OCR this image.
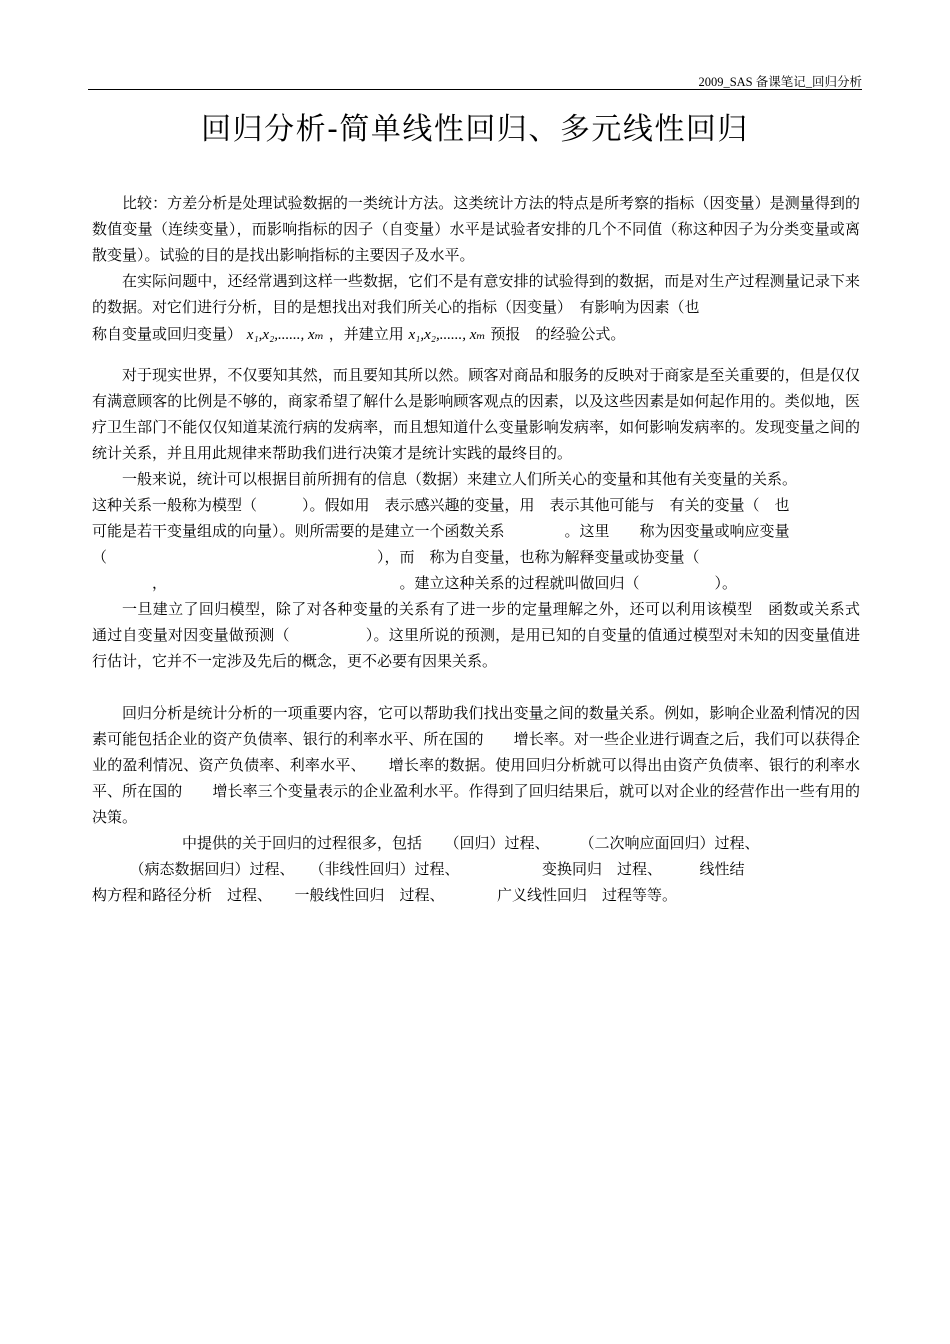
2009_SAS 备课笔记_回归分析
回归分析-简单线性回归、多元线性回归

比较：方差分析是处理试验数据的一类统计方法。这类统计方法的特点是所考察的指标（因变量）是测量得到的数值变量（连续变量），而影响指标的因子（自变量）水平是试验者安排的几个不同值（称这种因子为分类变量或离散变量）。试验的目的是找出影响指标的主要因子及水平。

在实际问题中，还经常遇到这样一些数据，它们不是有意安排的试验得到的数据，而是对生产过程测量记录下来的数据。对它们进行分析，目的是想找出对我们所关心的指标（因变量）　有影响为因素（也

称自变量或回归变量） x₁,x₂,......, xₘ ，并建立用 x₁,x₂,......, xₘ 预报　的经验公式。

对于现实世界，不仅要知其然，而且要知其所以然。顾客对商品和服务的反映对于商家是至关重要的，但是仅仅有满意顾客的比例是不够的，商家希望了解什么是影响顾客观点的因素，以及这些因素是如何起作用的。类似地，医疗卫生部门不能仅仅知道某流行病的发病率，而且想知道什么变量影响发病率，如何影响发病率的。发现变量之间的统计关系，并且用此规律来帮助我们进行决策才是统计实践的最终目的。

　　一般来说，统计可以根据目前所拥有的信息（数据）来建立人们所关心的变量和其他有关变量的关系。

这种关系一般称为模型（　　　）。假如用　表示感兴趣的变量，用　表示其他可能与　有关的变量（　也

可能是若干变量组成的向量）。则所需要的是建立一个函数关系　　　　。这里　　称为因变量或响应变量

（　　　　　　　　　　　　　　　　　　），而　称为自变量，也称为解释变量或协变量（

　　　　，　　　　　　　　　　　　　　　　。建立这种关系的过程就叫做回归（　　　　　）。

一旦建立了回归模型，除了对各种变量的关系有了进一步的定量理解之外，还可以利用该模型　函数或关系式　通过自变量对因变量做预测（　　　　　）。这里所说的预测，是用已知的自变量的值通过模型对未知的因变量值进行估计，它并不一定涉及先后的概念，更不必要有因果关系。

回归分析是统计分析的一项重要内容，它可以帮助我们找出变量之间的数量关系。例如，影响企业盈利情况的因素可能包括企业的资产负债率、银行的利率水平、所在国的　　增长率。对一些企业进行调查之后，我们可以获得企业的盈利情况、资产负债率、利率水平、　　增长率的数据。使用回归分析就可以得出由资产负债率、银行的利率水平、所在国的　　增长率三个变量表示的企业盈利水平。作得到了回归结果后，就可以对企业的经营作出一些有用的决策。

　　　　　　中提供的关于回归的过程很多，包括　　（回归）过程、　　　（二次响应面回归）过程、

　　　（病态数据回归）过程、　　（非线性回归）过程、　　　　　　变换同归　过程、　　　线性结

构方程和路径分析　过程、　　一般线性回归　过程、　　　　广义线性回归　过程等等。
